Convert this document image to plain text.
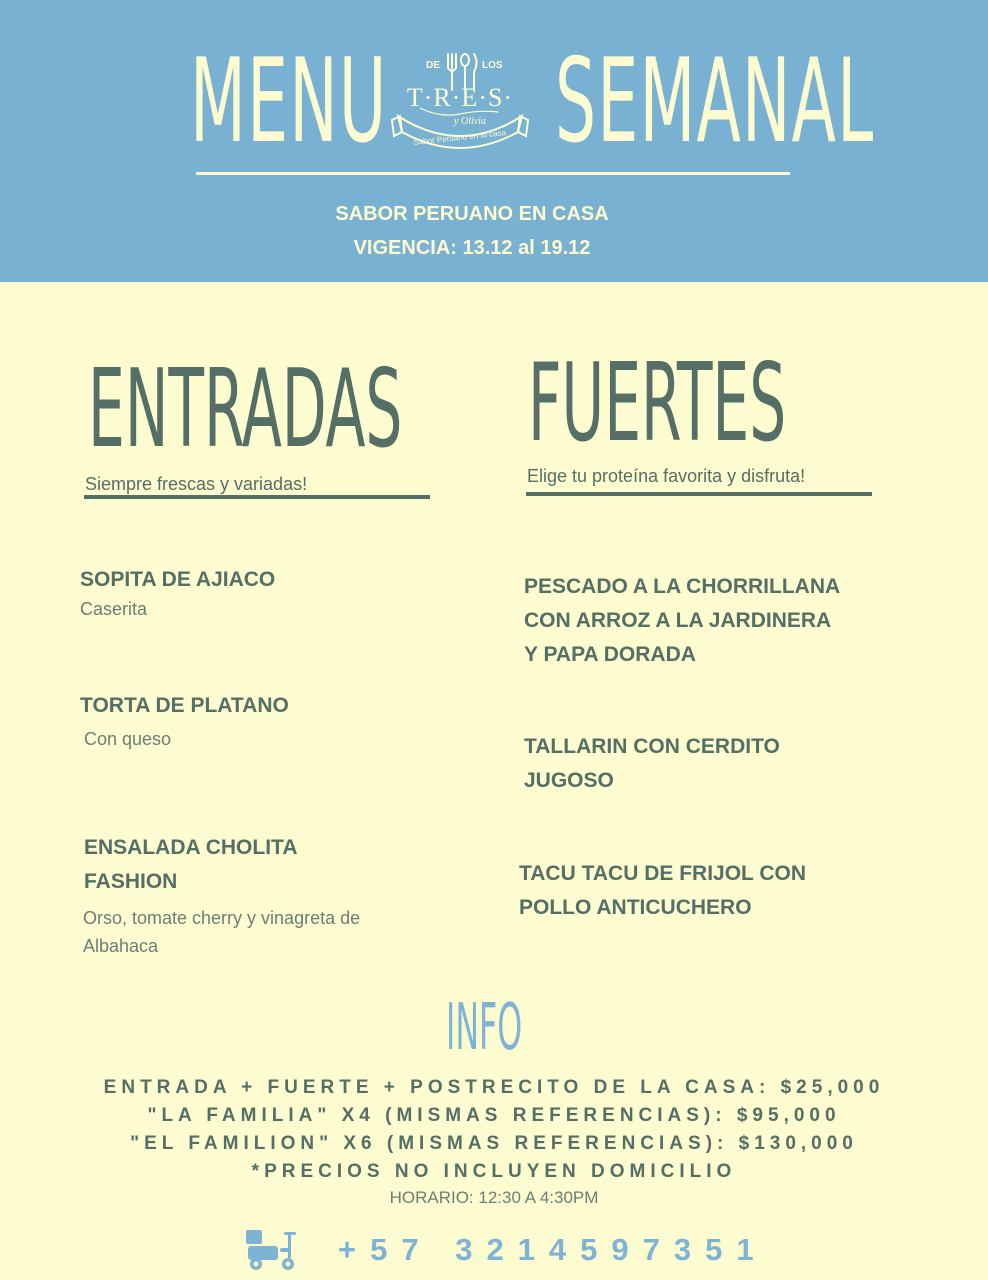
MENU	DE	LOS
T·R·E·S·
y Olivia
Sabor Peruano en tu casa SEMANAL
SABOR PERUANO EN CASA
VIGENCIA: 13.12 al 19.12
ENTRADAS
Siempre frescas y variadas!
SOPITA DE AJIACO
Caserita
TORTA DE PLATANO
Con queso
ENSALADA CHOLITA
FASHION
Orso, tomate cherry y vinagreta de
Albahaca
FUERTES
Elige tu proteína favorita y disfruta!
PESCADO A LA CHORRILLANA
CON ARROZ A LA JARDINERA
Y PAPA DORADA
TALLARIN CON CERDITO
JUGOSO
TACU TACU DE FRIJOL CON
POLLO ANTICUCHERO
INFO
ENTRADA + FUERTE + POSTRECITO DE LA CASA: $25,000
"LA FAMILIA" X4 (MISMAS REFERENCIAS): $95,000
"EL FAMILION" X6 (MISMAS REFERENCIAS): $130,000
*PRECIOS NO INCLUYEN DOMICILIO
HORARIO: 12:30 A 4:30PM
+57 3214597351
